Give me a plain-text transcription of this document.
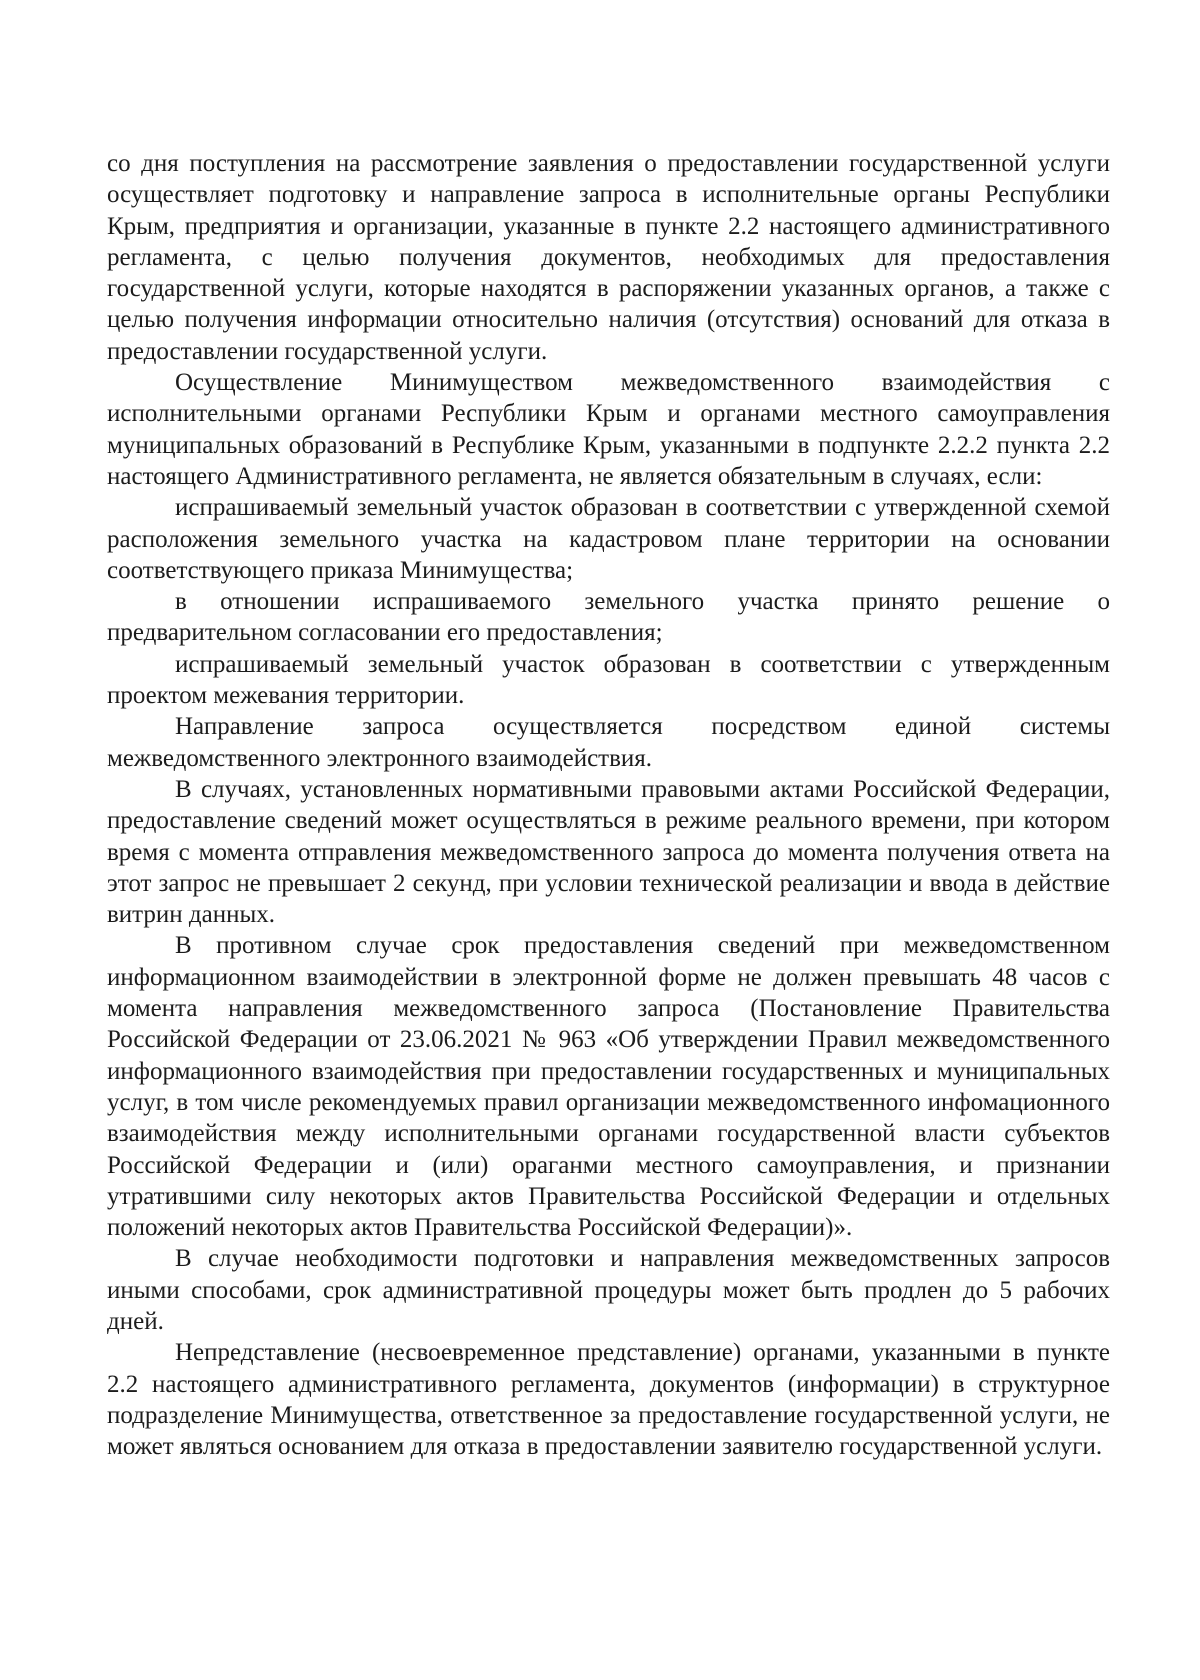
со дня поступления на рассмотрение заявления о предоставлении государственной услуги осуществляет подготовку и направление запроса в исполнительные органы Республики Крым, предприятия и организации, указанные в пункте 2.2 настоящего административного регламента, с целью получения документов, необходимых для предоставления государственной услуги, которые находятся в распоряжении указанных органов, а также с целью получения информации относительно наличия (отсутствия) оснований для отказа в предоставлении государственной услуги.

Осуществление Минимуществом межведомственного взаимодействия с исполнительными органами Республики Крым и органами местного самоуправления муниципальных образований в Республике Крым, указанными в подпункте 2.2.2 пункта 2.2 настоящего Административного регламента, не является обязательным в случаях, если:

испрашиваемый земельный участок образован в соответствии с утвержденной схемой расположения земельного участка на кадастровом плане территории на основании соответствующего приказа Минимущества;

в отношении испрашиваемого земельного участка принято решение о предварительном согласовании его предоставления;

испрашиваемый земельный участок образован в соответствии с утвержденным проектом межевания территории.

Направление запроса осуществляется посредством единой системы межведомственного электронного взаимодействия.

В случаях, установленных нормативными правовыми актами Российской Федерации, предоставление сведений может осуществляться в режиме реального времени, при котором время с момента отправления межведомственного запроса до момента получения ответа на этот запрос не превышает 2 секунд, при условии технической реализации и ввода в действие витрин данных.

В противном случае срок предоставления сведений при межведомственном информационном взаимодействии в электронной форме не должен превышать 48 часов с момента направления межведомственного запроса (Постановление Правительства Российской Федерации от 23.06.2021 № 963 «Об утверждении Правил межведомственного информационного взаимодействия при предоставлении государственных и муниципальных услуг, в том числе рекомендуемых правил организации межведомственного инфомационного взаимодействия между исполнительными органами государственной власти субъектов Российской Федерации и (или) ораганми местного самоуправления, и признании утратившими силу некоторых актов Правительства Российской Федерации и отдельных положений некоторых актов Правительства Российской Федерации)».

В случае необходимости подготовки и направления межведомственных запросов иными способами, срок административной процедуры может быть продлен до 5 рабочих дней.

Непредставление (несвоевременное представление) органами, указанными в пункте 2.2 настоящего административного регламента, документов (информации) в структурное подразделение Минимущества, ответственное за предоставление государственной услуги, не может являться основанием для отказа в предоставлении заявителю государственной услуги.
